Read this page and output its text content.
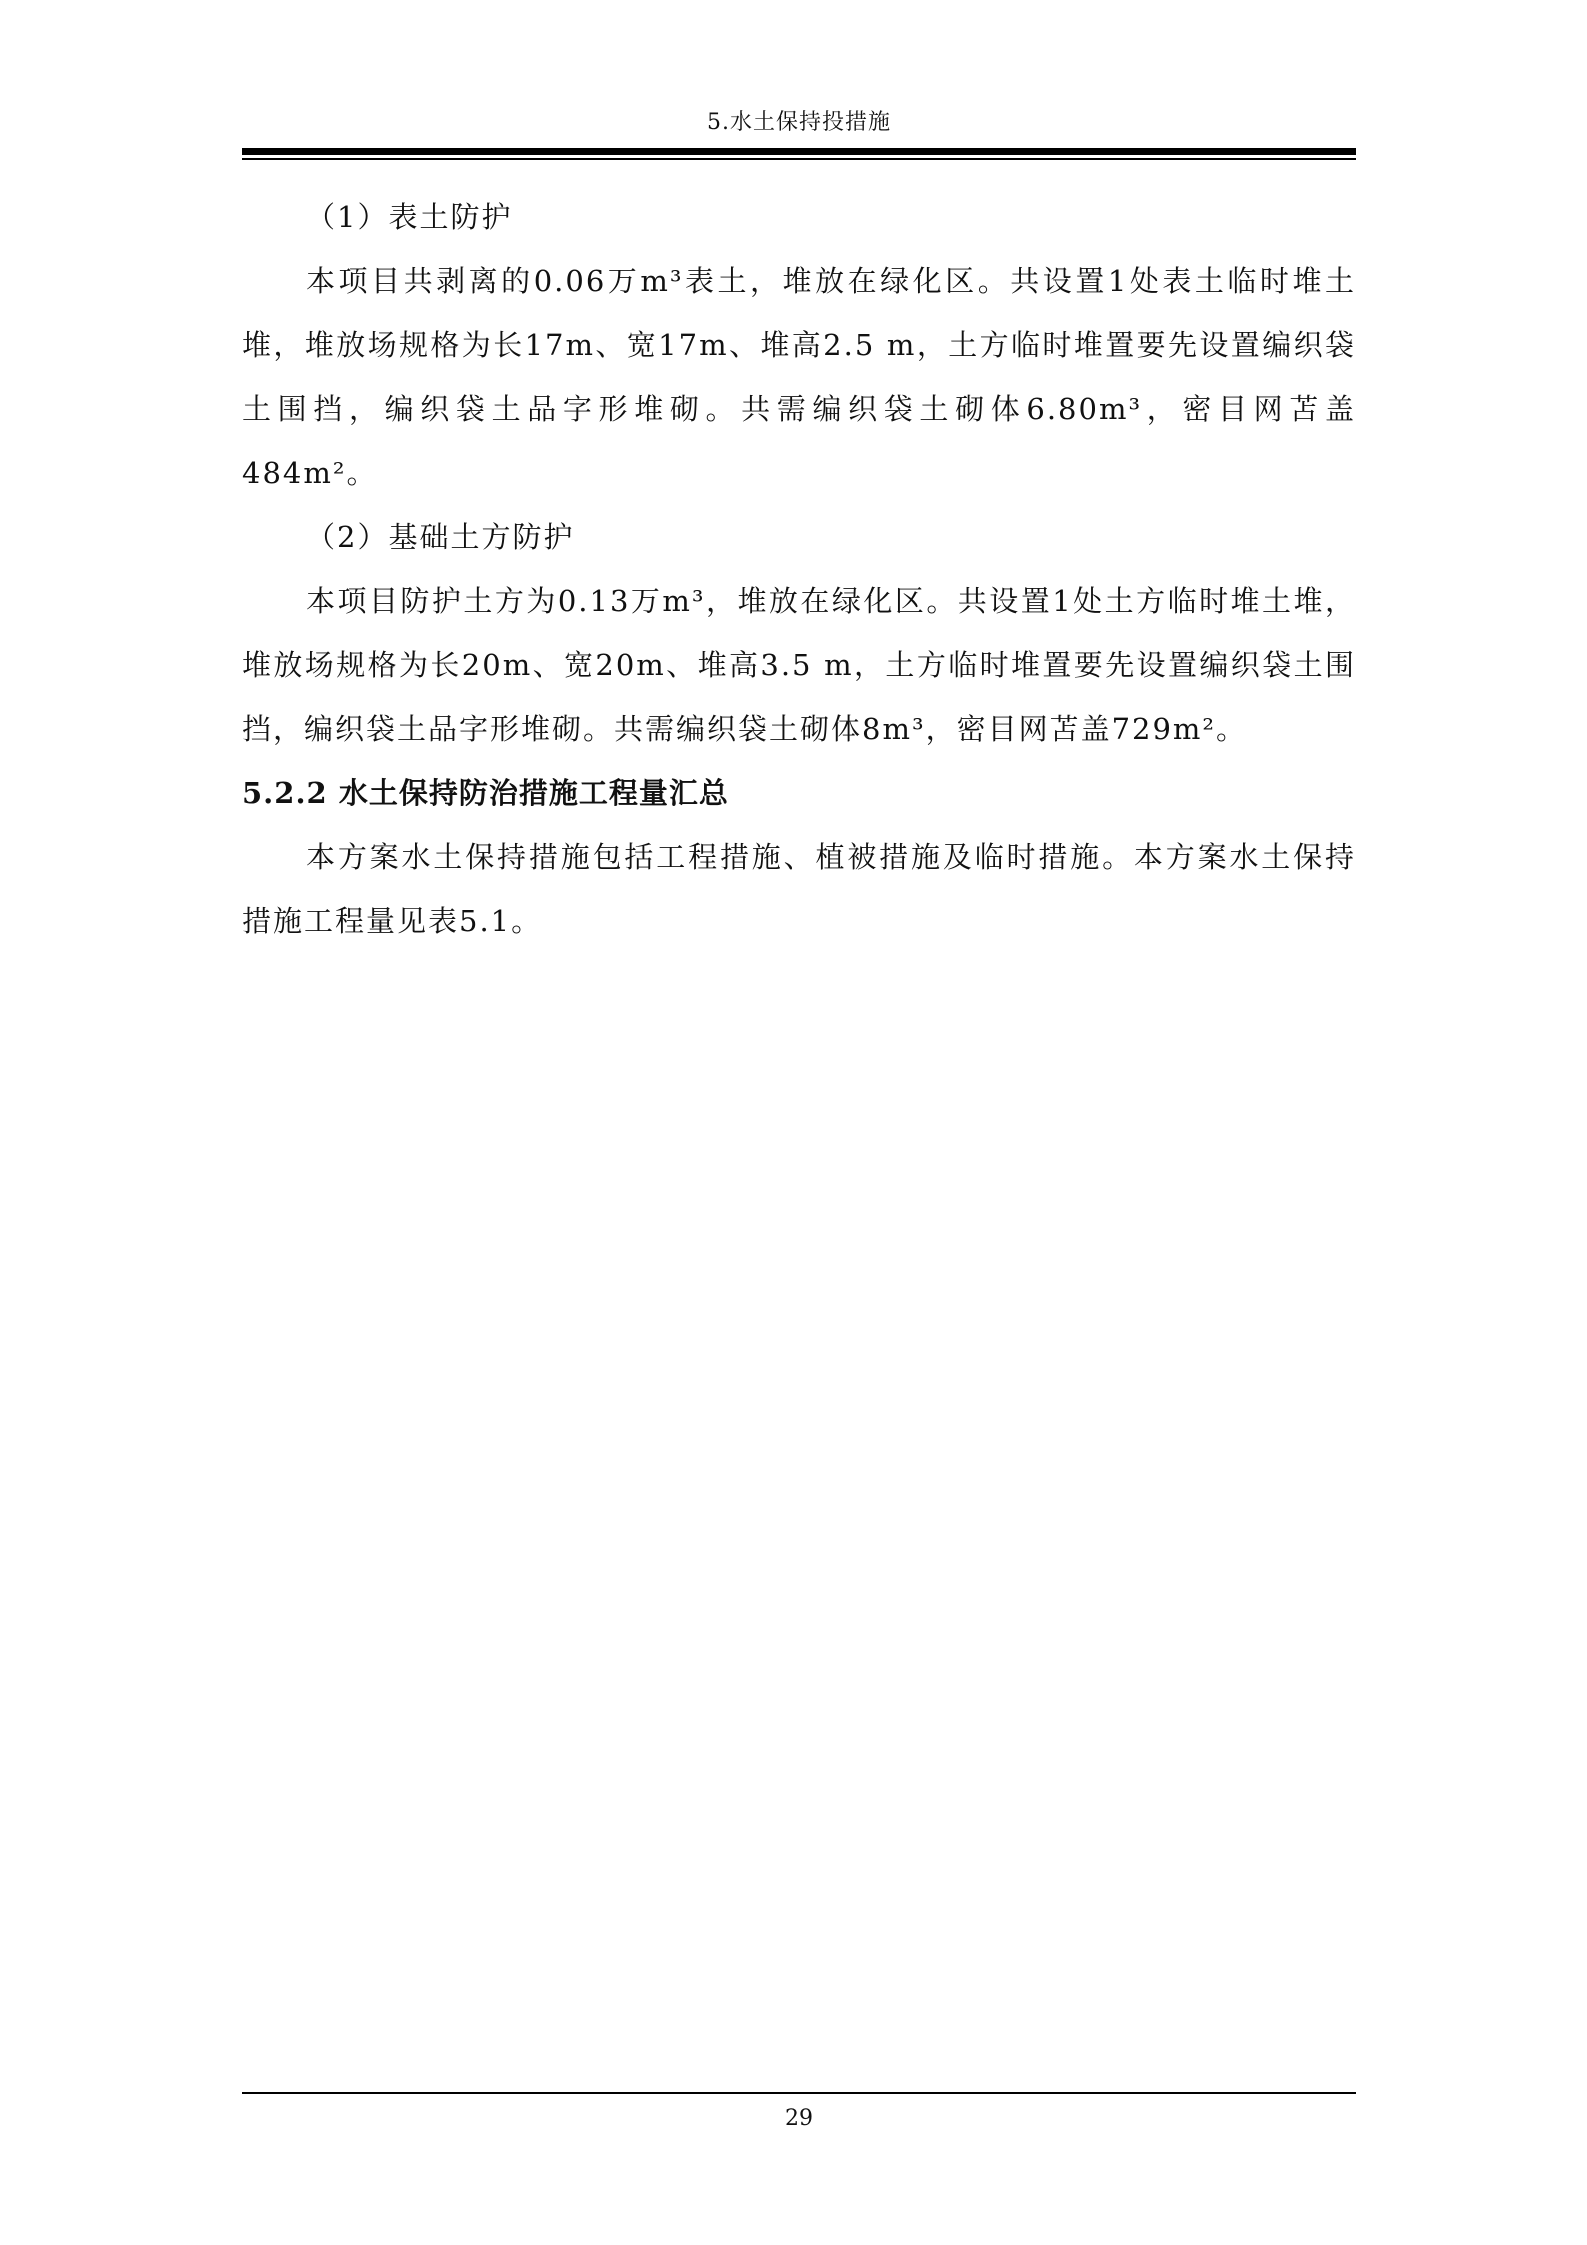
5.水土保持投措施

（1）表土防护

本项目共剥离的0.06万m³表土，堆放在绿化区。共设置1处表土临时堆土堆，堆放场规格为长17m、宽17m、堆高2.5 m，土方临时堆置要先设置编织袋土围挡，编织袋土品字形堆砌。共需编织袋土砌体6.80m³，密目网苫盖484m²。

（2）基础土方防护

本项目防护土方为0.13万m³，堆放在绿化区。共设置1处土方临时堆土堆，堆放场规格为长20m、宽20m、堆高3.5 m，土方临时堆置要先设置编织袋土围挡，编织袋土品字形堆砌。共需编织袋土砌体8m³，密目网苫盖729m²。

5.2.2 水土保持防治措施工程量汇总

本方案水土保持措施包括工程措施、植被措施及临时措施。本方案水土保持措施工程量见表5.1。

29
